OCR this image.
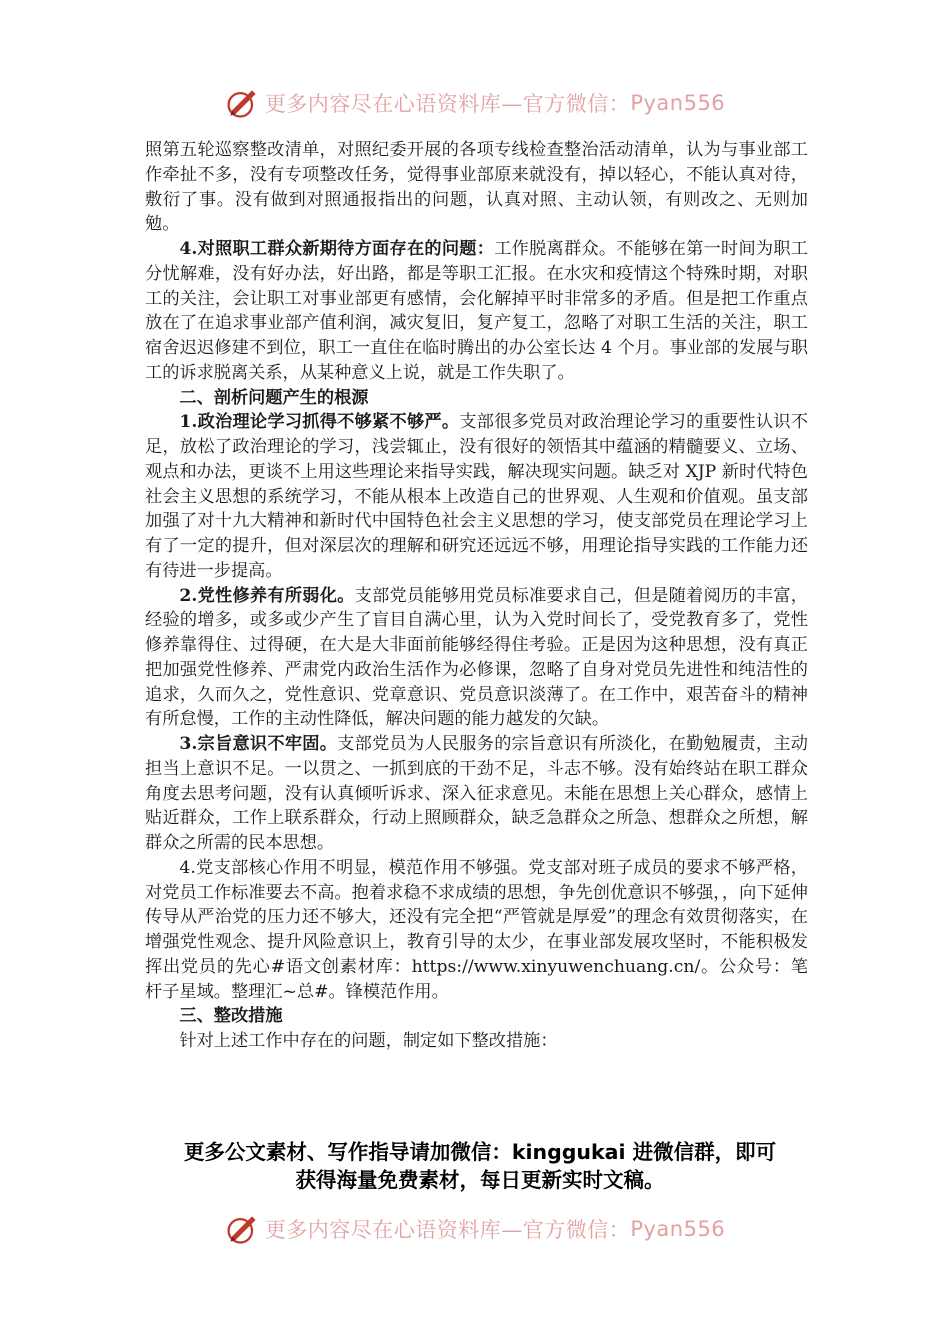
更多内容尽在心语资料库—官方微信： Pyan556

照第五轮巡察整改清单，对照纪委开展的各项专线检查整治活动清单，认为与事业部工作牵扯不多，没有专项整改任务，觉得事业部原来就没有，掉以轻心，不能认真对待，敷衍了事。没有做到对照通报指出的问题，认真对照、主动认领，有则改之、无则加勉。

4.对照职工群众新期待方面存在的问题：工作脱离群众。不能够在第一时间为职工分忧解难，没有好办法，好出路，都是等职工汇报。在水灾和疫情这个特殊时期，对职工的关注，会让职工对事业部更有感情，会化解掉平时非常多的矛盾。但是把工作重点放在了在追求事业部产值利润，减灾复旧，复产复工，忽略了对职工生活的关注，职工宿舍迟迟修建不到位，职工一直住在临时腾出的办公室长达 4 个月。事业部的发展与职工的诉求脱离关系，从某种意义上说，就是工作失职了。

二、剖析问题产生的根源

1.政治理论学习抓得不够紧不够严。支部很多党员对政治理论学习的重要性认识不足，放松了政治理论的学习，浅尝辄止，没有很好的领悟其中蕴涵的精髓要义、立场、观点和办法，更谈不上用这些理论来指导实践，解决现实问题。缺乏对 XJP 新时代特色社会主义思想的系统学习，不能从根本上改造自己的世界观、人生观和价值观。虽支部加强了对十九大精神和新时代中国特色社会主义思想的学习，使支部党员在理论学习上有了一定的提升，但对深层次的理解和研究还远远不够，用理论指导实践的工作能力还有待进一步提高。

2.党性修养有所弱化。支部党员能够用党员标准要求自己，但是随着阅历的丰富，经验的增多，或多或少产生了盲目自满心里，认为入党时间长了，受党教育多了，党性修养靠得住、过得硬，在大是大非面前能够经得住考验。正是因为这种思想，没有真正把加强党性修养、严肃党内政治生活作为必修课，忽略了自身对党员先进性和纯洁性的追求，久而久之，党性意识、党章意识、党员意识淡薄了。在工作中，艰苦奋斗的精神有所怠慢，工作的主动性降低，解决问题的能力越发的欠缺。

3.宗旨意识不牢固。支部党员为人民服务的宗旨意识有所淡化，在勤勉履责，主动担当上意识不足。一以贯之、一抓到底的干劲不足，斗志不够。没有始终站在职工群众角度去思考问题，没有认真倾听诉求、深入征求意见。未能在思想上关心群众，感情上贴近群众，工作上联系群众，行动上照顾群众，缺乏急群众之所急、想群众之所想，解群众之所需的民本思想。

4.党支部核心作用不明显，模范作用不够强。党支部对班子成员的要求不够严格，对党员工作标准要去不高。抱着求稳不求成绩的思想，争先创优意识不够强，，向下延伸传导从严治党的压力还不够大，还没有完全把“严管就是厚爱”的理念有效贯彻落实，在增强党性观念、提升风险意识上，教育引导的太少，在事业部发展攻坚时，不能积极发挥出党员的先心#语文创素材库：https://www.xinyuwenchuang.cn/。公众号：笔杆子星域。整理汇~总#。锋模范作用。

三、整改措施

针对上述工作中存在的问题，制定如下整改措施：

更多公文素材、写作指导请加微信：kinggukai 进微信群，即可

获得海量免费素材，每日更新实时文稿。

更多内容尽在心语资料库—官方微信： Pyan556
